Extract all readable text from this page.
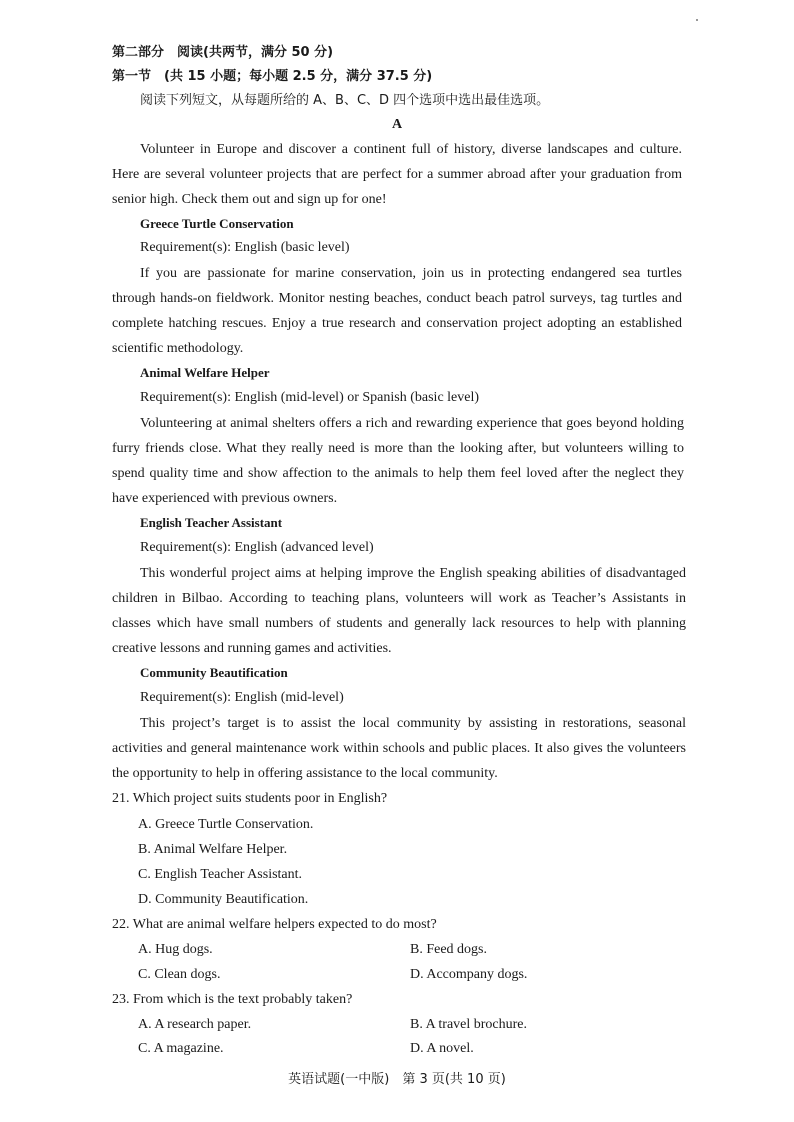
第二部分　阅读(共两节，满分 50 分)
第一节　(共 15 小题；每小题 2.5 分，满分 37.5 分)
阅读下列短文，从每题所给的 A、B、C、D 四个选项中选出最佳选项。
A
Volunteer in Europe and discover a continent full of history, diverse landscapes and culture. Here are several volunteer projects that are perfect for a summer abroad after your graduation from senior high. Check them out and sign up for one!
Greece Turtle Conservation
Requirement(s): English (basic level)
If you are passionate for marine conservation, join us in protecting endangered sea turtles through hands-on fieldwork. Monitor nesting beaches, conduct beach patrol surveys, tag turtles and complete hatching rescues. Enjoy a true research and conservation project adopting an established scientific methodology.
Animal Welfare Helper
Requirement(s): English (mid-level) or Spanish (basic level)
Volunteering at animal shelters offers a rich and rewarding experience that goes beyond holding furry friends close. What they really need is more than the looking after, but volunteers willing to spend quality time and show affection to the animals to help them feel loved after the neglect they have experienced with previous owners.
English Teacher Assistant
Requirement(s): English (advanced level)
This wonderful project aims at helping improve the English speaking abilities of disadvantaged children in Bilbao. According to teaching plans, volunteers will work as Teacher’s Assistants in classes which have small numbers of students and generally lack resources to help with planning creative lessons and running games and activities.
Community Beautification
Requirement(s): English (mid-level)
This project’s target is to assist the local community by assisting in restorations, seasonal activities and general maintenance work within schools and public places. It also gives the volunteers the opportunity to help in offering assistance to the local community.
21. Which project suits students poor in English?
A. Greece Turtle Conservation.
B. Animal Welfare Helper.
C. English Teacher Assistant.
D. Community Beautification.
22. What are animal welfare helpers expected to do most?
A. Hug dogs.	B. Feed dogs.
C. Clean dogs.	D. Accompany dogs.
23. From which is the text probably taken?
A. A research paper.	B. A travel brochure.
C. A magazine.	D. A novel.
英语试题(一中版)　第 3 页(共 10 页)
